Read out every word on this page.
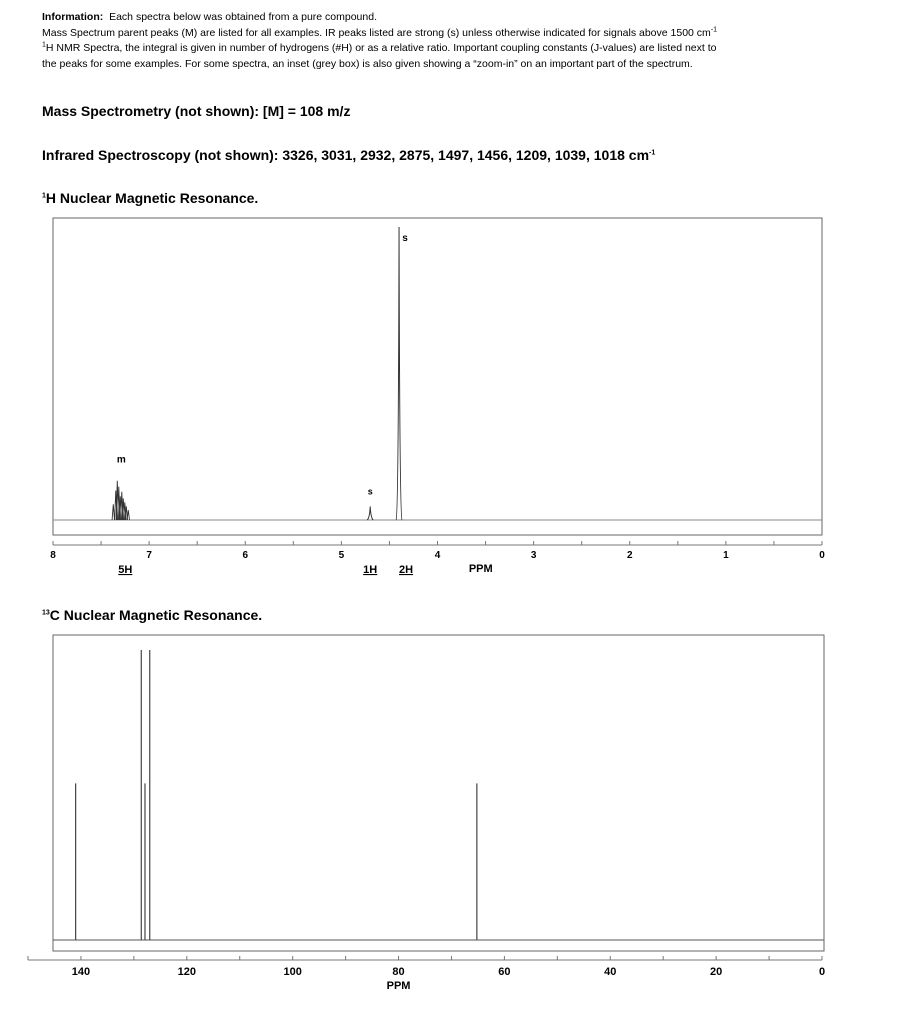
Information: Each spectra below was obtained from a pure compound.
Mass Spectrum parent peaks (M) are listed for all examples. IR peaks listed are strong (s) unless otherwise indicated for signals above 1500 $cm^{-1}$
$^1$H NMR Spectra, the integral is given in number of hydrogens (#H) or as a relative ratio. Important coupling constants (J-values) are listed next to
the peaks for some examples. For some spectra, an inset (grey box) is also given showing a “zoom-in” on an important part of the spectrum.
Mass Spectrometry (not shown): [M] = 108 m/z
Infrared Spectroscopy (not shown): 3326, 3031, 2932, 2875, 1497, 1456, 1209, 1039, 1018 $cm^{-1}$
$^1$H Nuclear Magnetic Resonance.
8	7	6	5	4	3	2	1	0
PPM
m
5H
s
1H
s
2H
$^{13}$C Nuclear Magnetic Resonance.
140	120	100	80	60	40	20	0
PPM
